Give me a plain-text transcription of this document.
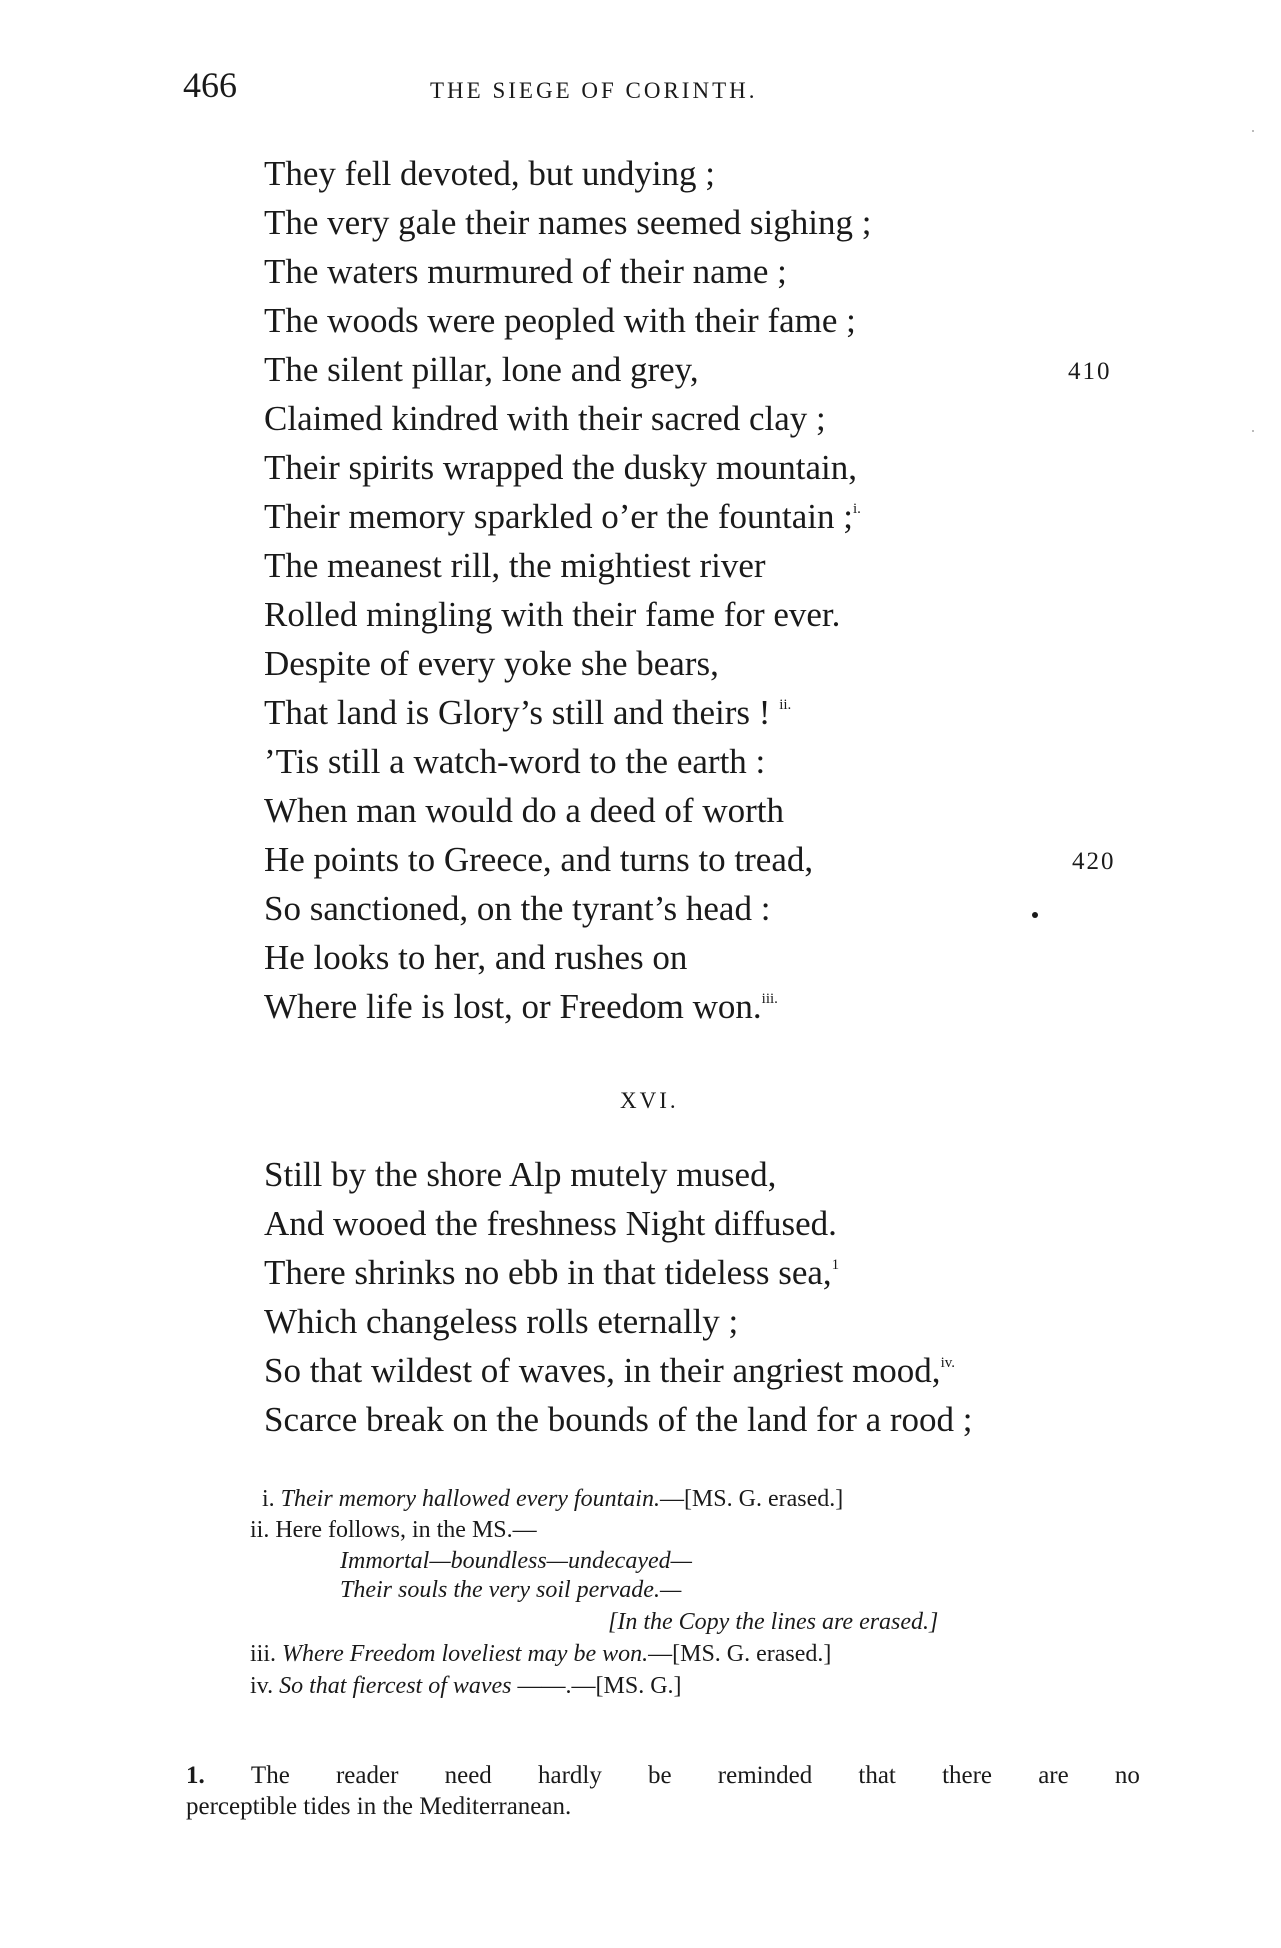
466	THE SIEGE OF CORINTH.
They fell devoted, but undying ;
The very gale their names seemed sighing ;
The waters murmured of their name ;
The woods were peopled with their fame ;
The silent pillar, lone and grey,	410
Claimed kindred with their sacred clay ;
Their spirits wrapped the dusky mountain,
Their memory sparkled o’er the fountain ;$^{i.}$
The meanest rill, the mightiest river
Rolled mingling with their fame for ever.
Despite of every yoke she bears,
That land is Glory’s still and theirs ! $^{ii.}$
’Tis still a watch-word to the earth :
When man would do a deed of worth
He points to Greece, and turns to tread,	420
So sanctioned, on the tyrant’s head :
He looks to her, and rushes on
Where life is lost, or Freedom won.$^{iii.}$
XVI.
Still by the shore Alp mutely mused,
And wooed the freshness Night diffused.
There shrinks no ebb in that tideless sea,$^1$
Which changeless rolls eternally ;
So that wildest of waves, in their angriest mood,$^{iv.}$
Scarce break on the bounds of the land for a rood ;
i. Their memory hallowed every fountain.—[MS. G. erased.]
ii. Here follows, in the MS.—
Immortal—boundless—undecayed—
Their souls the very soil pervade.—
[In the Copy the lines are erased.]
iii. Where Freedom loveliest may be won.—[MS. G. erased.]
iv. So that fiercest of waves ——.—[MS. G.]
1. The reader need hardly be reminded that there are no
perceptible tides in the Mediterranean.
